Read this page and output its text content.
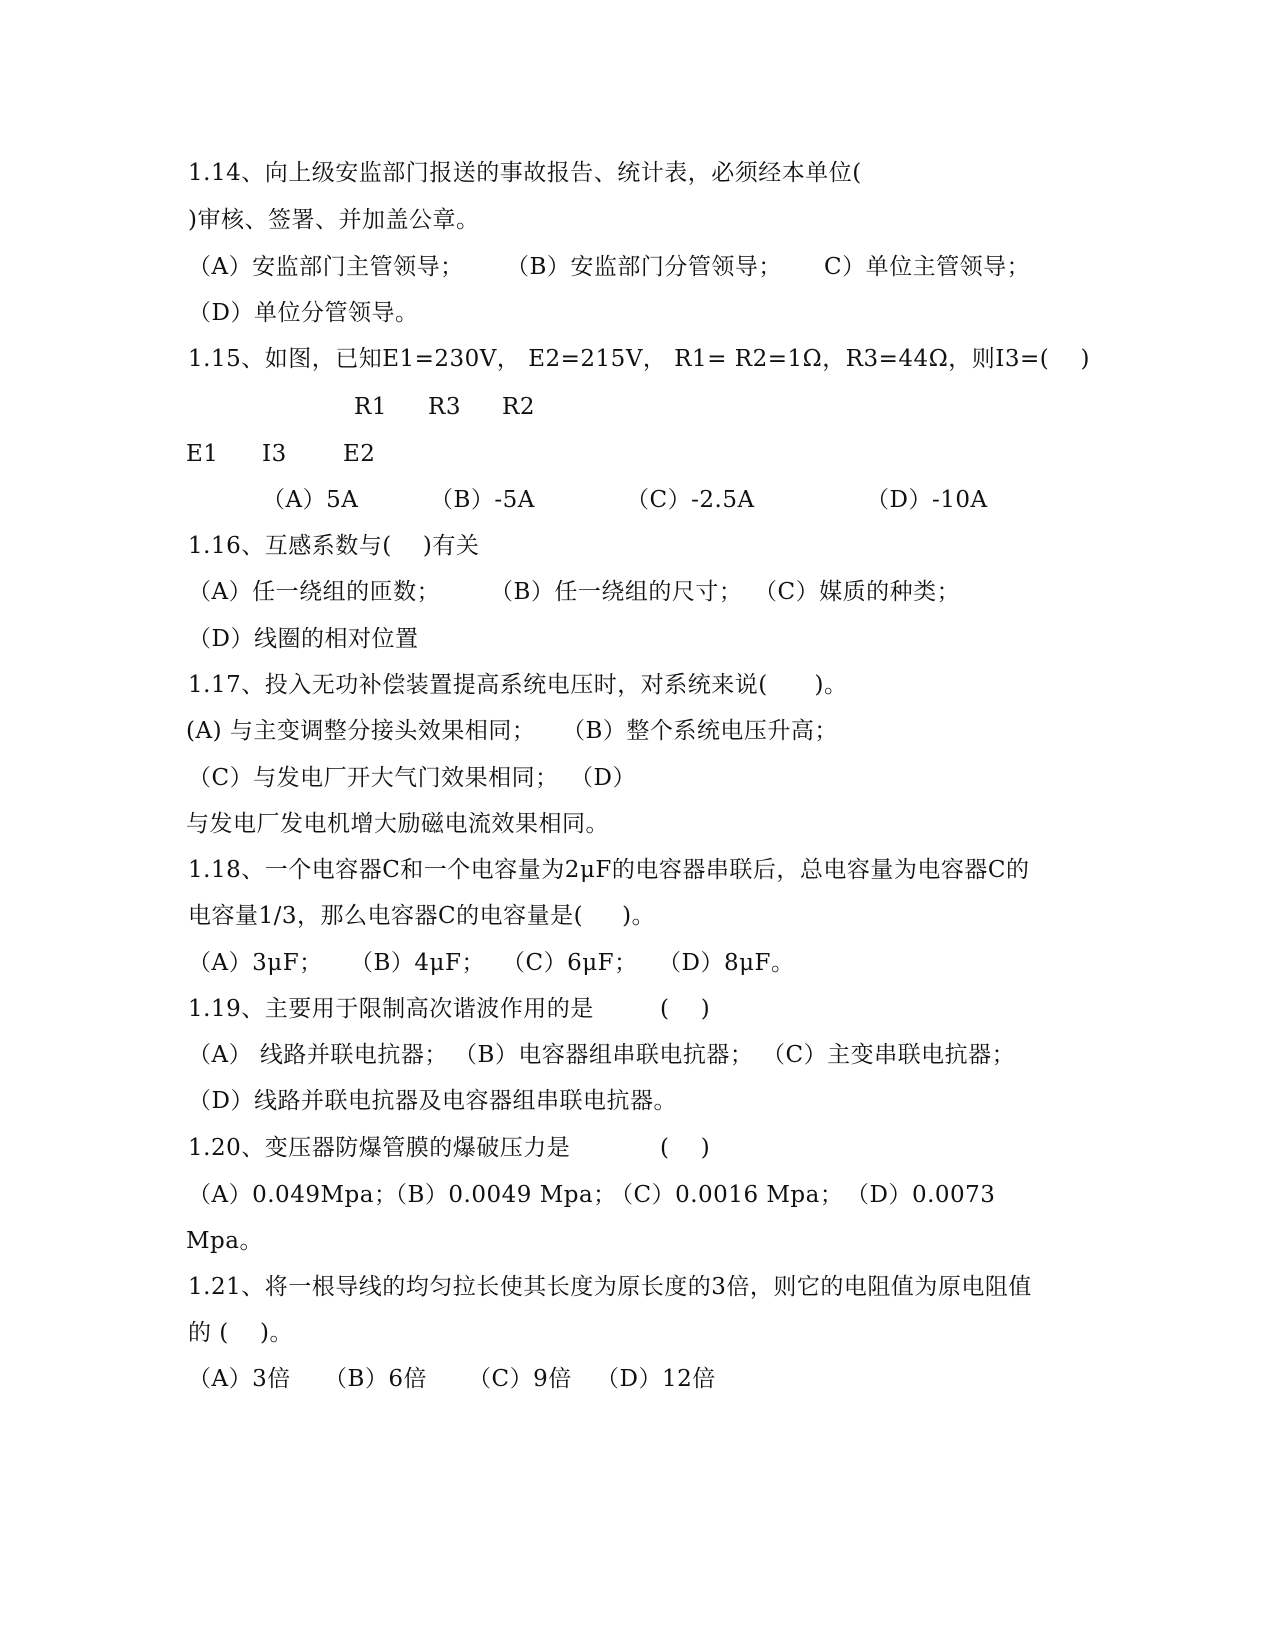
1.14、向上级安监部门报送的事故报告、统计表，必须经本单位(
)审核、签署、并加盖公章。
（A）安监部门主管领导； （B）安监部门分管领导； C）单位主管领导；
（D）单位分管领导。
1.15、如图，已知E1=230V， E2=215V， R1= R2=1Ω，R3=44Ω，则I3=(    )
R1 R3 R2
E1 I3 E2
（A）5A	（B）-5A	（C）-2.5A	（D）-10A
1.16、互感系数与(    )有关
（A）任一绕组的匝数； （B）任一绕组的尺寸； （C）媒质的种类；
（D）线圈的相对位置
1.17、投入无功补偿装置提高系统电压时，对系统来说(      )。
(A) 与主变调整分接头效果相同； （B）整个系统电压升高；
（C）与发电厂开大气门效果相同； （D）
与发电厂发电机增大励磁电流效果相同。
1.18、一个电容器C和一个电容量为2μF的电容器串联后，总电容量为电容器C的
电容量1/3，那么电容器C的电容量是(     )。
（A）3μF； （B）4μF； （C）6μF； （D）8μF。
1.19、主要用于限制高次谐波作用的是	(    )
（A） 线路并联电抗器； （B）电容器组串联电抗器； （C）主变串联电抗器；
（D）线路并联电抗器及电容器组串联电抗器。
1.20、变压器防爆管膜的爆破压力是	(    )
（A）0.049Mpa；
（B）0.0049 Mpa；
（C）0.0016 Mpa； （D）0.0073
Mpa。
1.21、将一根导线的均匀拉长使其长度为原长度的3倍，则它的电阻值为原电阻值
的 (    )。
（A）3倍 （B）6倍 （C）9倍 （D）12倍
